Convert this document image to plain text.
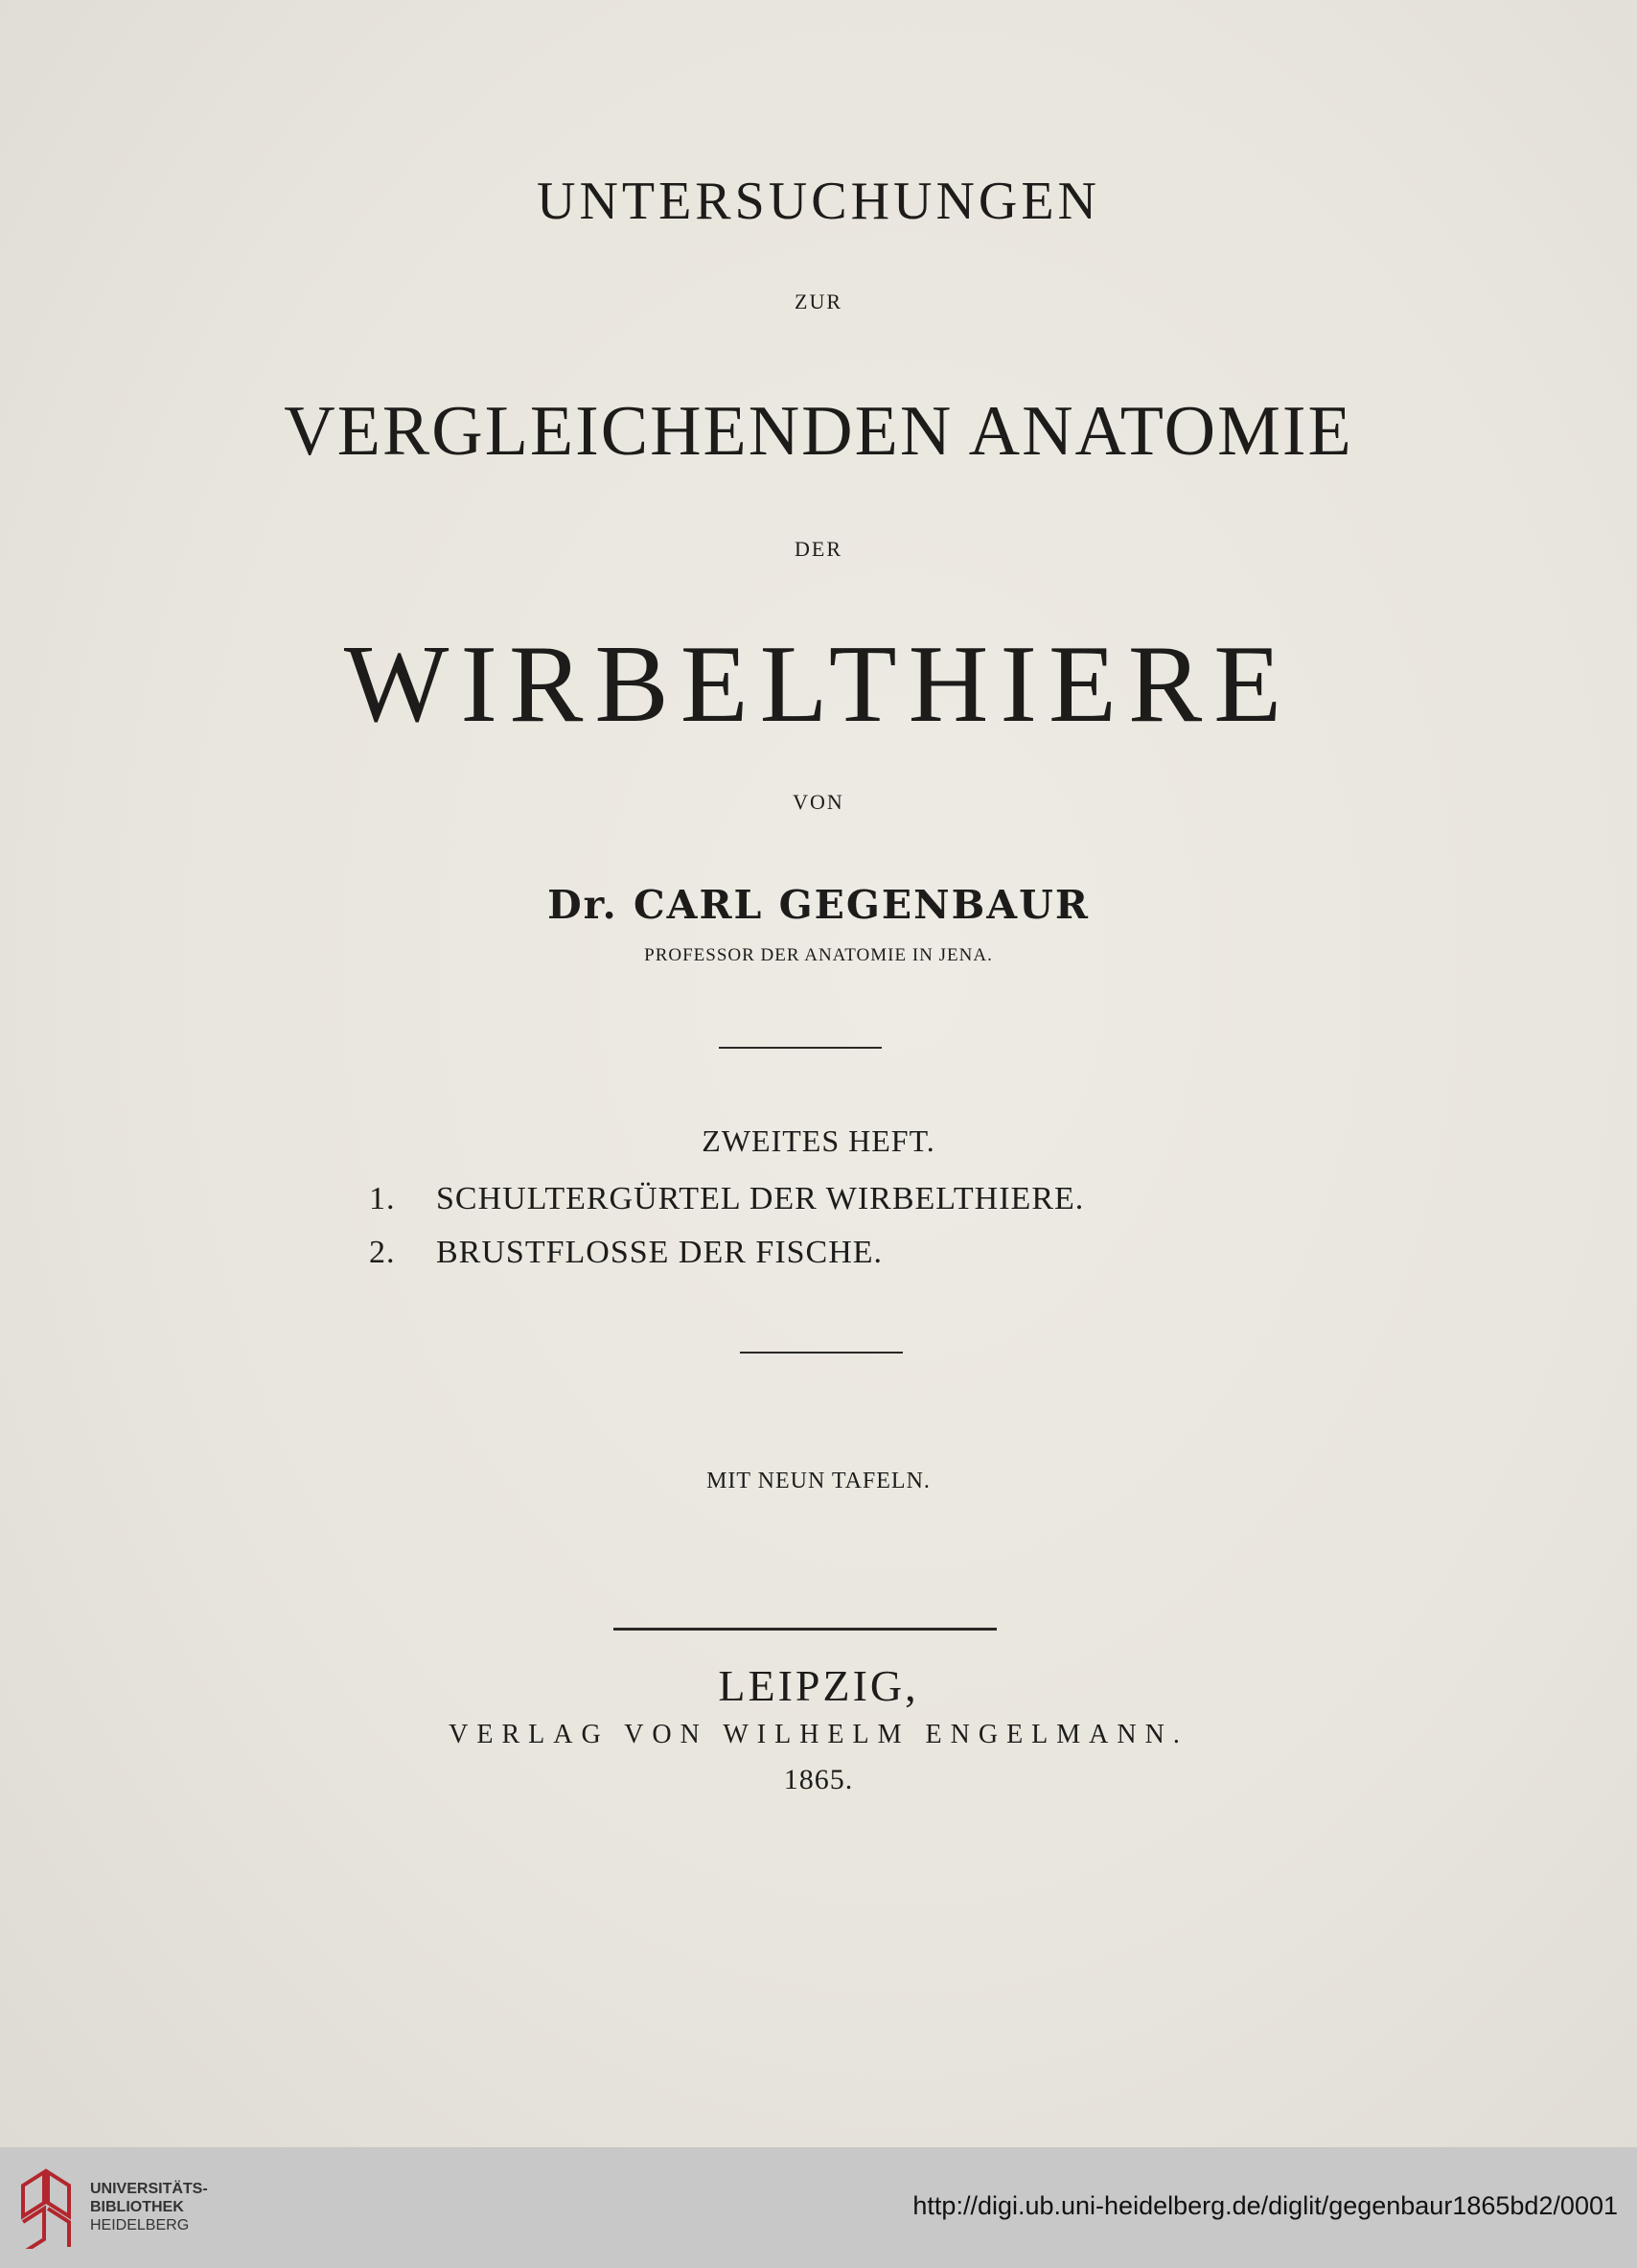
UNTERSUCHUNGEN
ZUR
VERGLEICHENDEN ANATOMIE
DER
WIRBELTHIERE
VON
Dr. CARL GEGENBAUR
PROFESSOR DER ANATOMIE IN JENA.
ZWEITES HEFT.
1. SCHULTERGÜRTEL DER WIRBELTHIERE.
2. BRUSTFLOSSE DER FISCHE.
MIT NEUN TAFELN.
LEIPZIG,
VERLAG VON WILHELM ENGELMANN.
1865.
UNIVERSITÄTS-
BIBLIOTHEK
HEIDELBERG
http://digi.ub.uni-heidelberg.de/diglit/gegenbaur1865bd2/0001
